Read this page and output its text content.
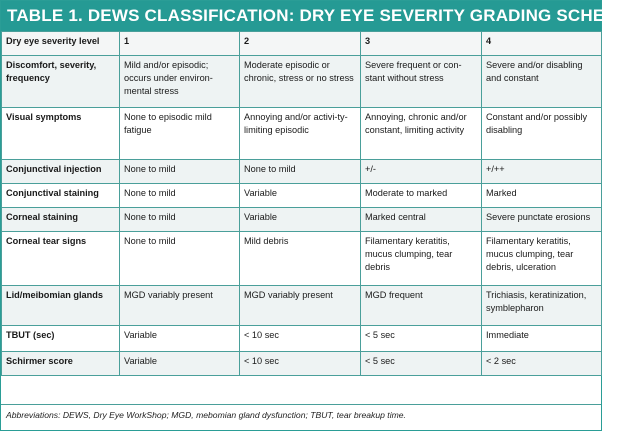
TABLE 1. DEWS CLASSIFICATION: DRY EYE SEVERITY GRADING SCHEME 3
Dry eye severity level	1	2	3	4
Discomfort, severity, frequency	Mild and/or episodic; occurs under environ-mental stress	Moderate episodic or chronic, stress or no stress	Severe frequent or con-stant without stress	Severe and/or disabling and constant
Visual symptoms	None to episodic mild fatigue	Annoying and/or activi-ty-limiting episodic	Annoying, chronic and/or constant, limiting activity	Constant and/or possibly disabling
Conjunctival injection	None to mild	None to mild	+/-	+/++
Conjunctival staining	None to mild	Variable	Moderate to marked	Marked
Corneal staining	None to mild	Variable	Marked central	Severe punctate erosions
Corneal tear signs	None to mild	Mild debris	Filamentary keratitis, mucus clumping, tear debris	Filamentary keratitis, mucus clumping, tear debris, ulceration
Lid/meibomian glands	MGD variably present	MGD variably present	MGD frequent	Trichiasis, keratinization, symblepharon
TBUT (sec)	Variable	< 10 sec	< 5 sec	Immediate
Schirmer score	Variable	< 10 sec	< 5 sec	< 2 sec
Abbreviations: DEWS, Dry Eye WorkShop; MGD, mebomian gland dysfunction; TBUT, tear breakup time.
